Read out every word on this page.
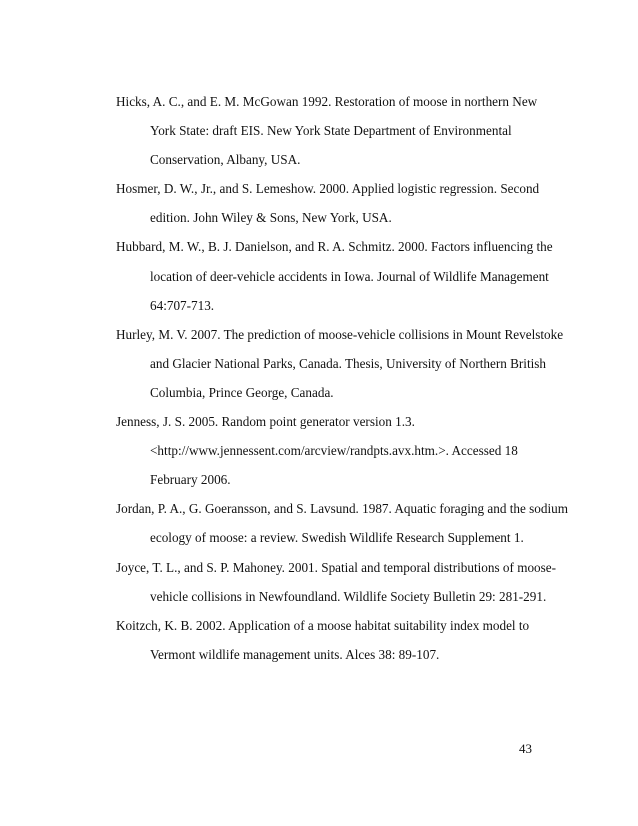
Hicks, A. C., and E. M. McGowan 1992. Restoration of moose in northern New
York State: draft EIS. New York State Department of Environmental
Conservation, Albany, USA.
Hosmer, D. W., Jr., and S. Lemeshow. 2000. Applied logistic regression. Second
edition. John Wiley & Sons, New York, USA.
Hubbard, M. W., B. J. Danielson, and R. A. Schmitz. 2000. Factors influencing the
location of deer-vehicle accidents in Iowa. Journal of Wildlife Management
64:707-713.
Hurley, M. V. 2007. The prediction of moose-vehicle collisions in Mount Revelstoke
and Glacier National Parks, Canada. Thesis, University of Northern British
Columbia, Prince George, Canada.
Jenness, J. S. 2005. Random point generator version 1.3.
<http://www.jennessent.com/arcview/randpts.avx.htm.>. Accessed 18
February 2006.
Jordan, P. A., G. Goeransson, and S. Lavsund. 1987. Aquatic foraging and the sodium
ecology of moose: a review. Swedish Wildlife Research Supplement 1.
Joyce, T. L., and S. P. Mahoney. 2001. Spatial and temporal distributions of moose-
vehicle collisions in Newfoundland. Wildlife Society Bulletin 29: 281-291.
Koitzch, K. B. 2002. Application of a moose habitat suitability index model to
Vermont wildlife management units. Alces 38: 89-107.
43
